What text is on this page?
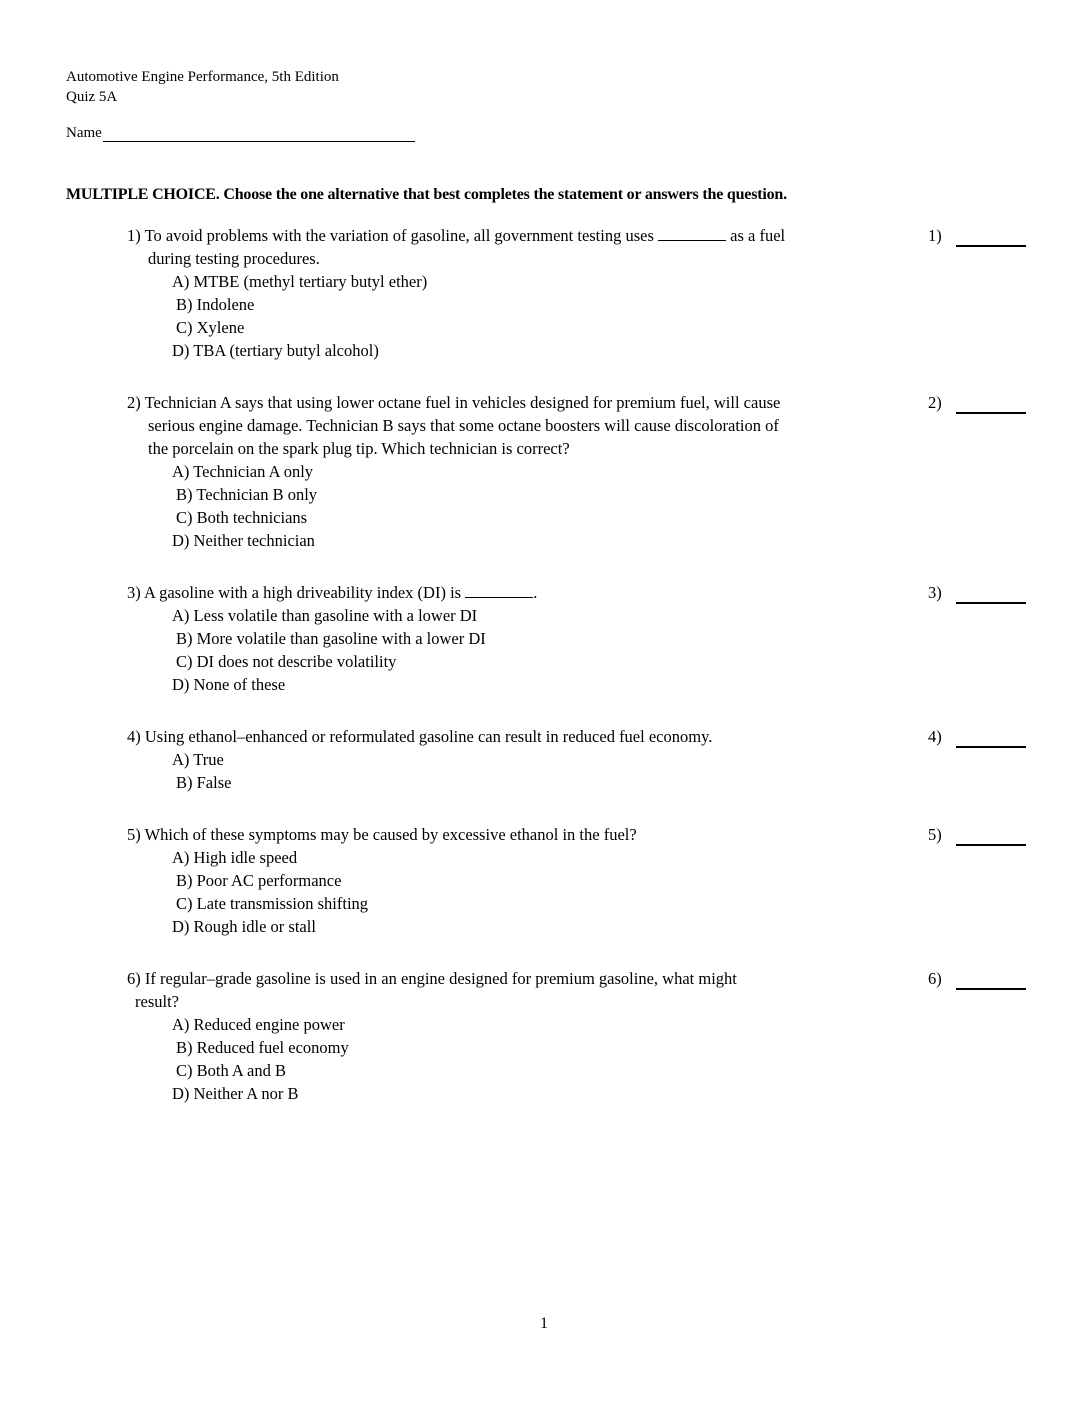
Automotive Engine Performance, 5th Edition
Quiz 5A
Name
MULTIPLE CHOICE. Choose the one alternative that best completes the statement or answers the question.
1) To avoid problems with the variation of gasoline, all government testing uses	as a fuel
during testing procedures.
A) MTBE (methyl tertiary butyl ether)
B) Indolene
C) Xylene
D) TBA (tertiary butyl alcohol)
1)
2) Technician A says that using lower octane fuel in vehicles designed for premium fuel, will cause
serious engine damage. Technician B says that some octane boosters will cause discoloration of
the porcelain on the spark plug tip. Which technician is correct?
A) Technician A only
B) Technician B only
C) Both technicians
D) Neither technician
2)
3) A gasoline with a high driveability index (DI) is	.
A) Less volatile than gasoline with a lower DI
B) More volatile than gasoline with a lower DI
C) DI does not describe volatility
D) None of these
3)
4) Using ethanol–enhanced or reformulated gasoline can result in reduced fuel economy.
A) True
B) False
4)
5) Which of these symptoms may be caused by excessive ethanol in the fuel?
A) High idle speed
B) Poor AC performance
C) Late transmission shifting
D) Rough idle or stall
5)
6) If regular–grade gasoline is used in an engine designed for premium gasoline, what might
result?
A) Reduced engine power
B) Reduced fuel economy
C) Both A and B
D) Neither A nor B
6)
1
